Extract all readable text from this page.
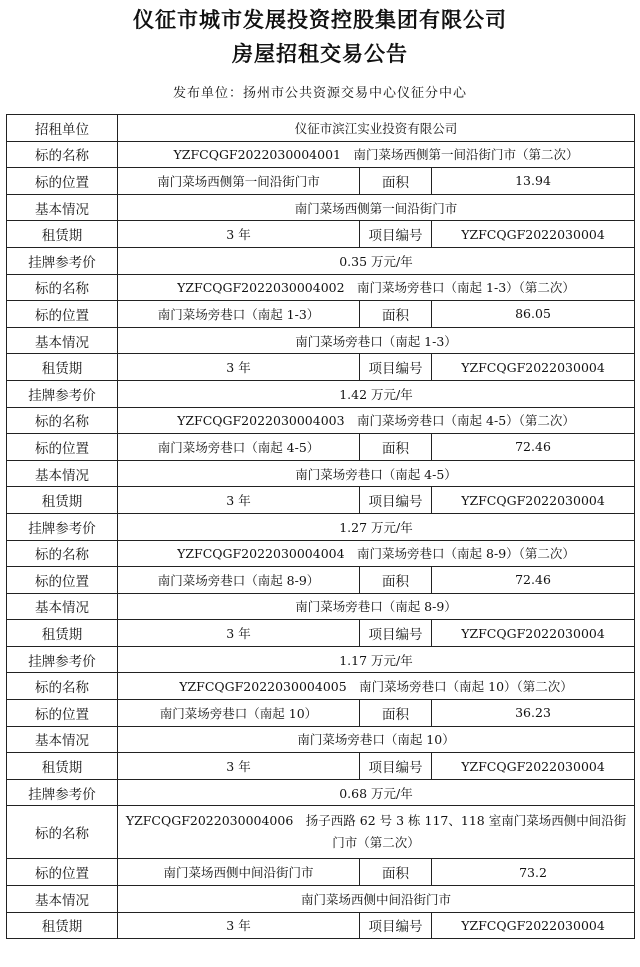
仪征市城市发展投资控股集团有限公司
房屋招租交易公告
发布单位：扬州市公共资源交易中心仪征分中心
招租单位	仪征市滨江实业投资有限公司		
标的名称	YZFCQGF2022030004001　南门菜场西侧第一间沿街门市（第二次）		
标的位置	南门菜场西侧第一间沿街门市	面积	13.94
基本情况	南门菜场西侧第一间沿街门市		
租赁期	3 年	项目编号	YZFCQGF2022030004
挂牌参考价	0.35 万元/年		
标的名称	YZFCQGF2022030004002　南门菜场旁巷口（南起 1-3）（第二次）		
标的位置	南门菜场旁巷口（南起 1-3）	面积	86.05
基本情况	南门菜场旁巷口（南起 1-3）		
租赁期	3 年	项目编号	YZFCQGF2022030004
挂牌参考价	1.42 万元/年		
标的名称	YZFCQGF2022030004003　南门菜场旁巷口（南起 4-5）（第二次）		
标的位置	南门菜场旁巷口（南起 4-5）	面积	72.46
基本情况	南门菜场旁巷口（南起 4-5）		
租赁期	3 年	项目编号	YZFCQGF2022030004
挂牌参考价	1.27 万元/年		
标的名称	YZFCQGF2022030004004　南门菜场旁巷口（南起 8-9）（第二次）		
标的位置	南门菜场旁巷口（南起 8-9）	面积	72.46
基本情况	南门菜场旁巷口（南起 8-9）		
租赁期	3 年	项目编号	YZFCQGF2022030004
挂牌参考价	1.17 万元/年		
标的名称	YZFCQGF2022030004005　南门菜场旁巷口（南起 10）（第二次）		
标的位置	南门菜场旁巷口（南起 10）	面积	36.23
基本情况	南门菜场旁巷口（南起 10）		
租赁期	3 年	项目编号	YZFCQGF2022030004
挂牌参考价	0.68 万元/年		
标的名称	YZFCQGF2022030004006　扬子西路 62 号 3 栋 117、118 室南门菜场西侧中间沿街门市（第二次）		
标的位置	南门菜场西侧中间沿街门市	面积	73.2
基本情况	南门菜场西侧中间沿街门市		
租赁期	3 年	项目编号	YZFCQGF2022030004
